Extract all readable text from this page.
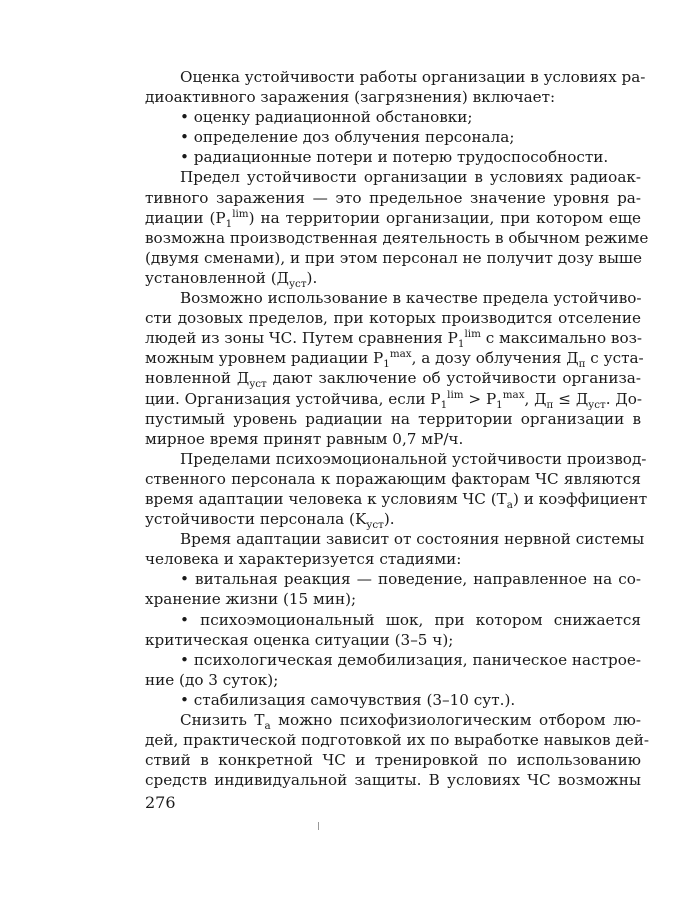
Оценка устойчивости работы организации в условиях ра-
диоактивного заражения (загрязнения) включает:
• оценку радиационной обстановки;
• определение доз облучения персонала;
• радиационные потери и потерю трудоспособности.
Предел устойчивости организации в условиях радиоак-
тивного заражения — это предельное значение уровня ра-
диации $(P_1^{lim})$ на территории организации, при котором еще
возможна производственная деятельность в обычном режиме
(двумя сменами), и при этом персонал не получит дозу выше
установленной $(Д_{уст})$.
Возможно использование в качестве предела устойчиво-
сти дозовых пределов, при которых производится отселение
людей из зоны ЧС. Путем сравнения $P_1^{lim}$ с максимально воз-
можным уровнем радиации $P_1^{max}$, а дозу облучения $Д_п$ с уста-
новленной $Д_{уст}$ дают заключение об устойчивости организа-
ции. Организация устойчива, если $P_1^{lim} > P_1^{max}$, $Д_п \le Д_{уст}$. До-
пустимый уровень радиации на территории организации в
мирное время принят равным 0,7 мР/ч.
Пределами психоэмоциональной устойчивости производ-
ственного персонала к поражающим факторам ЧС являются
время адаптации человека к условиям ЧС $(T_а)$ и коэффициент
устойчивости персонала $(K_{уст})$.
Время адаптации зависит от состояния нервной системы
человека и характеризуется стадиями:
• витальная реакция — поведение, направленное на со-
хранение жизни (15 мин);
• психоэмоциональный шок, при котором снижается
критическая оценка ситуации (3–5 ч);
• психологическая демобилизация, паническое настрое-
ние (до 3 суток);
• стабилизация самочувствия (3–10 сут.).
Снизить $T_а$ можно психофизиологическим отбором лю-
дей, практической подготовкой их по выработке навыков дей-
ствий в конкретной ЧС и тренировкой по использованию
средств индивидуальной защиты. В условиях ЧС возможны
276
